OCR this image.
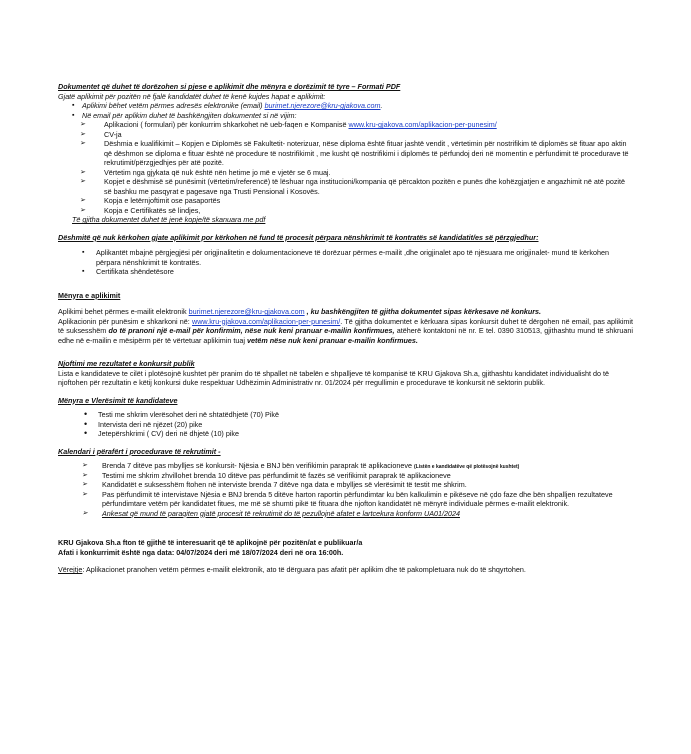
Dokumentet që duhet të dorëzohen si pjese e aplikimit dhe mënyra e dorëzimit të tyre – Formati PDF

Gjatë aplikimit për pozitën në fjalë kandidatët duhet të kenë kujdes hapat e aplikimit:

▪ Aplikimi bëhet vetëm përmes adresës elektronike (email) burimet.njerezore@kru-gjakova.com.
▪ Në email për aplikim duhet të bashkëngjiten dokumentet si në vijim:
➢ Aplikacioni ( formulari) për konkurrim shkarkohet në ueb-faqen e Kompanisë www.kru-gjakova.com/aplikacion-per-punesim/
➢ CV-ja
➢ Dëshmia e kualifikimit – Kopjen e Diplomës së Fakultetit- noterizuar, nëse diploma është fituar jashtë vendit , vërtetimin për nostrifikim të diplomës së fituar apo aktin që dëshmon se diploma e fituar është në procedure të nostrifikimit , me kusht që nostrifikimi i diplomës të përfundoj deri në momentin e përfundimit të procedurave të rekrutimit/përzgjedhjes për atë pozitë.
➢ Vërtetim nga gjykata që nuk është nën hetime jo më e vjetër se 6 muaj.
➢ Kopjet e dëshmisë së punësimit (vërtetim/referencë) të lëshuar nga institucioni/kompania që përcakton pozitën e punës dhe kohëzgjatjen e angazhimit në atë pozitë së bashku me pasqyrat e pagesave nga Trusti Pensional i Kosovës.
➢ Kopja e letërnjoftimit ose pasaportës
➢ Kopja e Certifikatës së lindjes,

Të gjitha dokumentet duhet të jenë kopje/të skanuara me pdf

Dëshmitë që nuk kërkohen gjate aplikimit por kërkohen në fund të procesit përpara nënshkrimit të kontratës së kandidatit/es së përzgjedhur:

▪ Aplikantët mbajnë përgjegjësi për origjinalitetin e dokumentacioneve të dorëzuar përmes e-mailit ,dhe origjinalet apo të njësuara me origjinalet- mund të kërkohen përpara nënshkrimit të kontratës.
▪ Certifikata shëndetësore

Mënyra e aplikimit

Aplikimi behet përmes e-mailit elektronik burimet.njerezore@kru-gjakova.com , ku bashkëngjiten të gjitha dokumentet sipas kërkesave në konkurs.

Aplikacionin për punësim e shkarkoni në: www.kru-gjakova.com/aplikacion-per-punesim/. Të gjitha dokumentet e kërkuara sipas konkursit duhet të dërgohen në email, pas aplikimit të suksesshëm do të pranoni një e-mail për konfirmim, nëse nuk keni pranuar e-mailin konfirmues, atëherë kontaktoni në nr. E tel. 0390 310513, gjithashtu mund të shkruani edhe në e-mailin e mësipërm për të vërtetuar aplikimin tuaj vetëm nëse nuk keni pranuar e-mailin konfirmues.

Njoftimi me rezultatet e konkursit publik

Lista e kandidateve te cilët i plotësojnë kushtet për pranim do të shpallet në tabelën e shpalljeve të kompanisë të KRU Gjakova Sh.a, gjithashtu kandidatet individualisht do të njoftohen për rezultatin e këtij konkursi duke respektuar Udhëzimin Administrativ nr. 01/2024 për rregullimin e procedurave të konkursit në sektorin publik.

Mënyra e Vlerësimit të kandidateve

• Testi me shkrim vlerësohet deri në shtatëdhjetë (70) Pikë
• Intervista deri në njëzet (20) pike
• Jetepërshkrimi ( CV) deri në dhjetë (10) pike

Kalendari i përafërt i procedurave të rekrutimit -

➢ Brenda 7 ditëve pas mbylljes së konkursit- Njësia e BNJ bën verifikimin paraprak të aplikacioneve (Listën e kandidatëve që plotësojnë kushtet)
➢ Testimi me shkrim zhvillohet brenda 10 ditëve pas përfundimit të fazës së verifikimit paraprak të aplikacioneve
➢ Kandidatët e suksesshëm ftohen në interviste brenda 7 ditëve nga data e mbylljes së vlerësimit të testit me shkrim.
➢ Pas përfundimit të intervistave Njësia e BNJ brenda 5 ditëve harton raportin përfundimtar ku bën kalkulimin e pikëseve në çdo faze dhe bën shpalljen rezultateve përfundimtare vetëm për kandidatet fitues, me më së shumti pikë të fituara dhe njofton kandidatët në mënyrë individuale përmes e-mailit elektronik.
➢ Ankesat që mund të paraqiten gjatë procesit të rekrutimit do të pezullojnë afatet e lartcekura konform UA01/2024

KRU Gjakova Sh.a fton të gjithë të interesuarit që të aplikojnë për pozitën/at e publikuar/a

Afati i konkurrimit është nga data: 04/07/2024 deri më 18/07/2024 deri në ora 16:00h.

Vërejtje: Aplikacionet pranohen vetëm përmes e-mailit elektronik, ato të dërguara pas afatit për aplikim dhe të pakompletuara nuk do të shqyrtohen.
